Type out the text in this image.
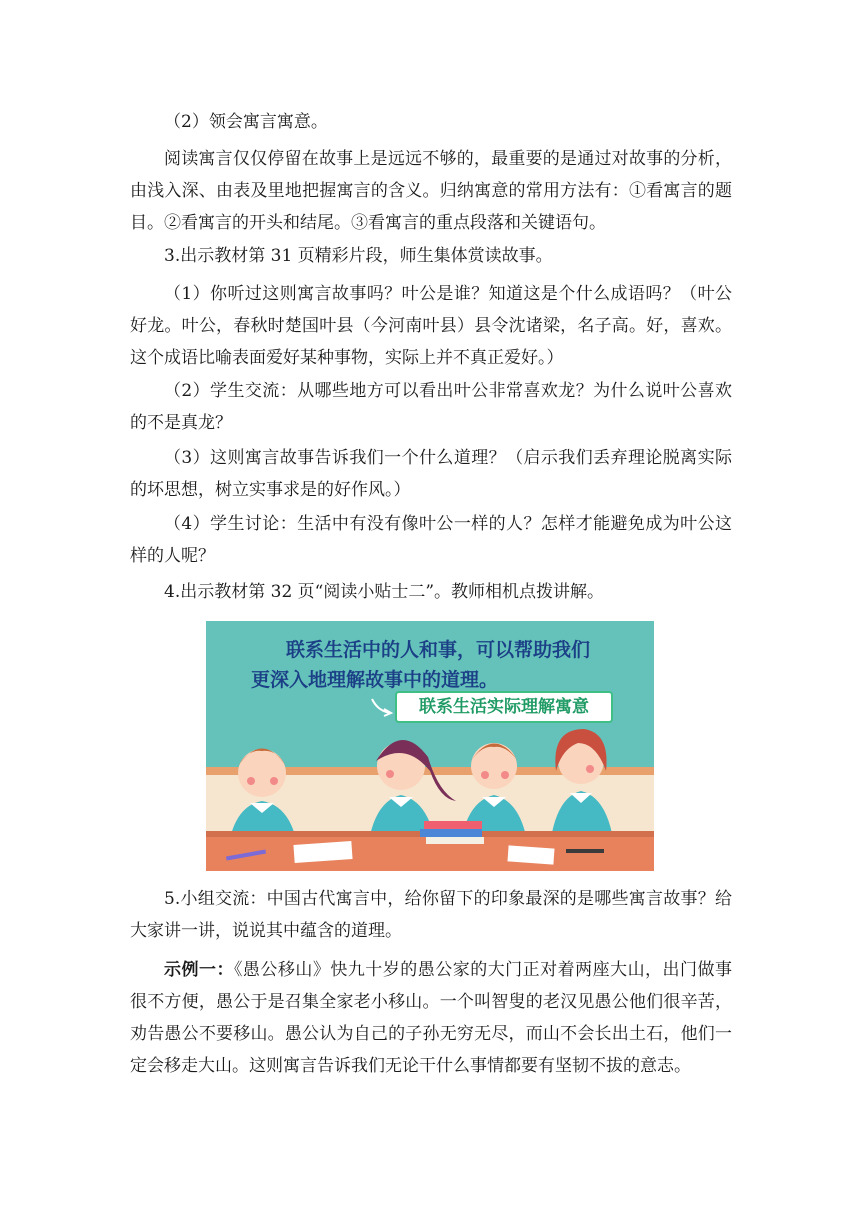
（2）领会寓言寓意。

阅读寓言仅仅停留在故事上是远远不够的，最重要的是通过对故事的分析，由浅入深、由表及里地把握寓言的含义。归纳寓意的常用方法有：①看寓言的题目。②看寓言的开头和结尾。③看寓言的重点段落和关键语句。

3.出示教材第 31 页精彩片段，师生集体赏读故事。

（1）你听过这则寓言故事吗？叶公是谁？知道这是个什么成语吗？（叶公好龙。叶公，春秋时楚国叶县（今河南叶县）县令沈诸梁，名子高。好，喜欢。这个成语比喻表面爱好某种事物，实际上并不真正爱好。）

（2）学生交流：从哪些地方可以看出叶公非常喜欢龙？为什么说叶公喜欢的不是真龙？

（3）这则寓言故事告诉我们一个什么道理？（启示我们丢弃理论脱离实际的坏思想，树立实事求是的好作风。）

（4）学生讨论：生活中有没有像叶公一样的人？怎样才能避免成为叶公这样的人呢？

4.出示教材第 32 页“阅读小贴士二”。教师相机点拨讲解。

联系生活中的人和事，可以帮助我们
更深入地理解故事中的道理。
联系生活实际理解寓意

5.小组交流：中国古代寓言中，给你留下的印象最深的是哪些寓言故事？给大家讲一讲，说说其中蕴含的道理。

示例一：《愚公移山》快九十岁的愚公家的大门正对着两座大山，出门做事很不方便，愚公于是召集全家老小移山。一个叫智叟的老汉见愚公他们很辛苦，劝告愚公不要移山。愚公认为自己的子孙无穷无尽，而山不会长出土石，他们一定会移走大山。这则寓言告诉我们无论干什么事情都要有坚韧不拔的意志。
